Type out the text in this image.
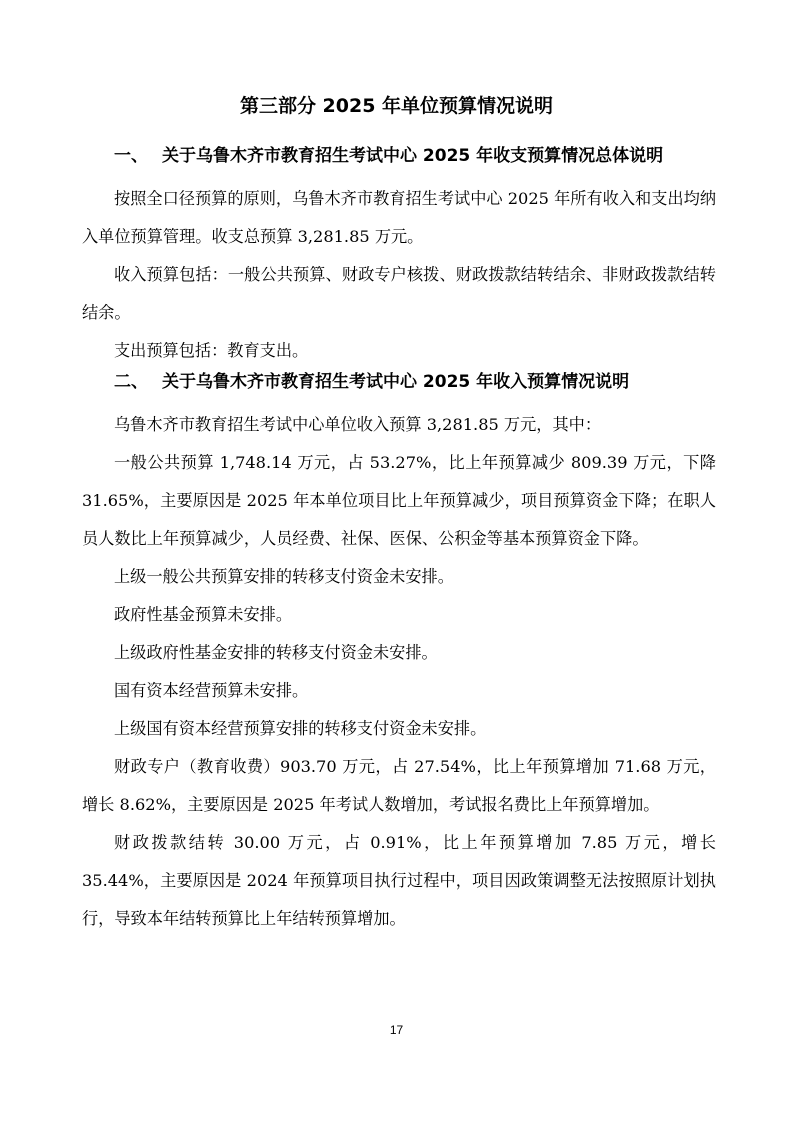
第三部分 2025 年单位预算情况说明
一、 关于乌鲁木齐市教育招生考试中心 2025 年收支预算情况总体说明
按照全口径预算的原则，乌鲁木齐市教育招生考试中心 2025 年所有收入和支出均纳入单位预算管理。收支总预算 3,281.85 万元。
收入预算包括：一般公共预算、财政专户核拨、财政拨款结转结余、非财政拨款结转结余。
支出预算包括：教育支出。
二、 关于乌鲁木齐市教育招生考试中心 2025 年收入预算情况说明
乌鲁木齐市教育招生考试中心单位收入预算 3,281.85 万元，其中：
一般公共预算 1,748.14 万元，占 53.27%，比上年预算减少 809.39 万元，下降 31.65%，主要原因是 2025 年本单位项目比上年预算减少，项目预算资金下降；在职人员人数比上年预算减少，人员经费、社保、医保、公积金等基本预算资金下降。
上级一般公共预算安排的转移支付资金未安排。
政府性基金预算未安排。
上级政府性基金安排的转移支付资金未安排。
国有资本经营预算未安排。
上级国有资本经营预算安排的转移支付资金未安排。
财政专户（教育收费）903.70 万元，占 27.54%，比上年预算增加 71.68 万元，增长 8.62%，主要原因是 2025 年考试人数增加，考试报名费比上年预算增加。
财政拨款结转 30.00 万元，占 0.91%，比上年预算增加 7.85 万元，增长 35.44%，主要原因是 2024 年预算项目执行过程中，项目因政策调整无法按照原计划执行，导致本年结转预算比上年结转预算增加。
17
